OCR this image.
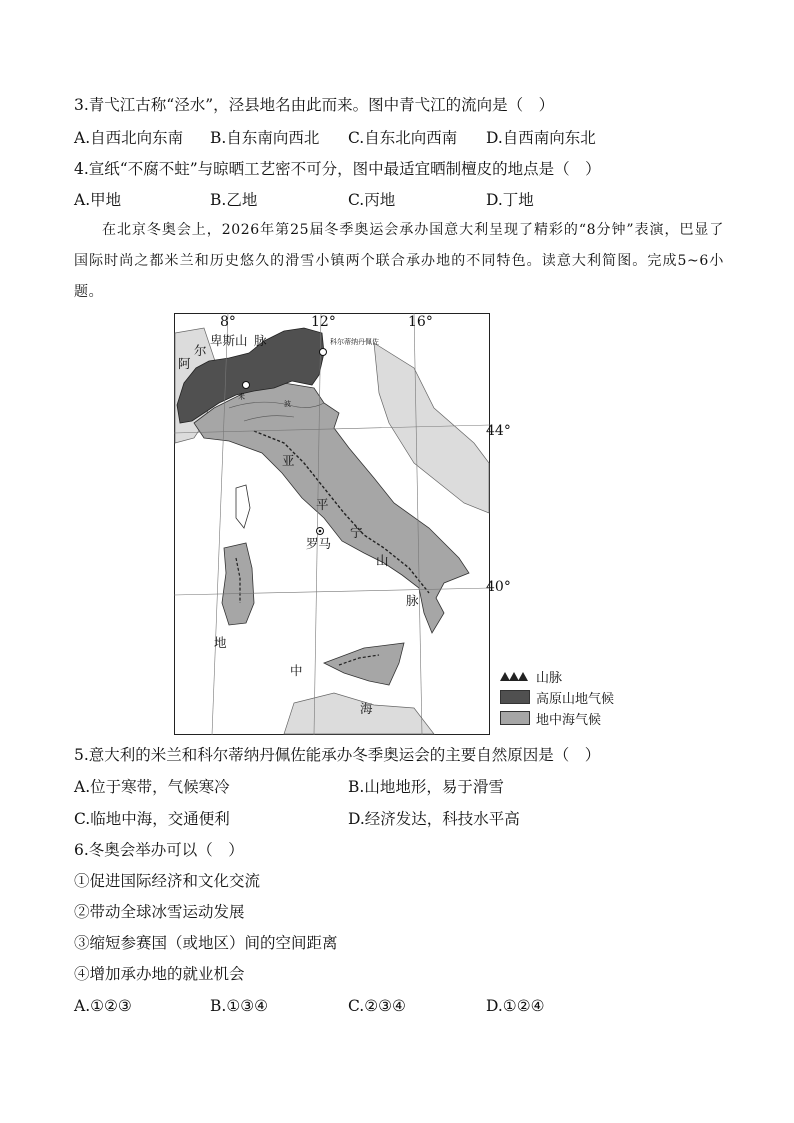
3.青弋江古称“泾水”，泾县地名由此而来。图中青弋江的流向是（　）
A.自西北向东南 B.自东南向西北 C.自东北向西南 D.自西南向东北
4.宣纸“不腐不蛀”与晾晒工艺密不可分，图中最适宜晒制檀皮的地点是（　）
A.甲地	B.乙地	C.丙地	D.丁地
在北京冬奥会上，2026年第25届冬季奥运会承办国意大利呈现了精彩的“8分钟”表演，巴显了国际时尚之都米兰和历史悠久的滑雪小镇两个联合承办地的不同特色。读意大利简图。完成5~6小题。
阿
尔
卑斯山 脉	科尔蒂纳丹佩佐
米
波
亚
平
宁
山
脉
罗马
地
中
海
8°	12°	16°
44°
40°
山脉
高原山地气候
地中海气候
5.意大利的米兰和科尔蒂纳丹佩佐能承办冬季奥运会的主要自然原因是（　）
A.位于寒带，气候寒冷	B.山地地形，易于滑雪
C.临地中海，交通便利	D.经济发达，科技水平高
6.冬奥会举办可以（　）
①促进国际经济和文化交流
②带动全球冰雪运动发展
③缩短参赛国（或地区）间的空间距离
④增加承办地的就业机会
A.①②③	B.①③④	C.②③④	D.①②④
